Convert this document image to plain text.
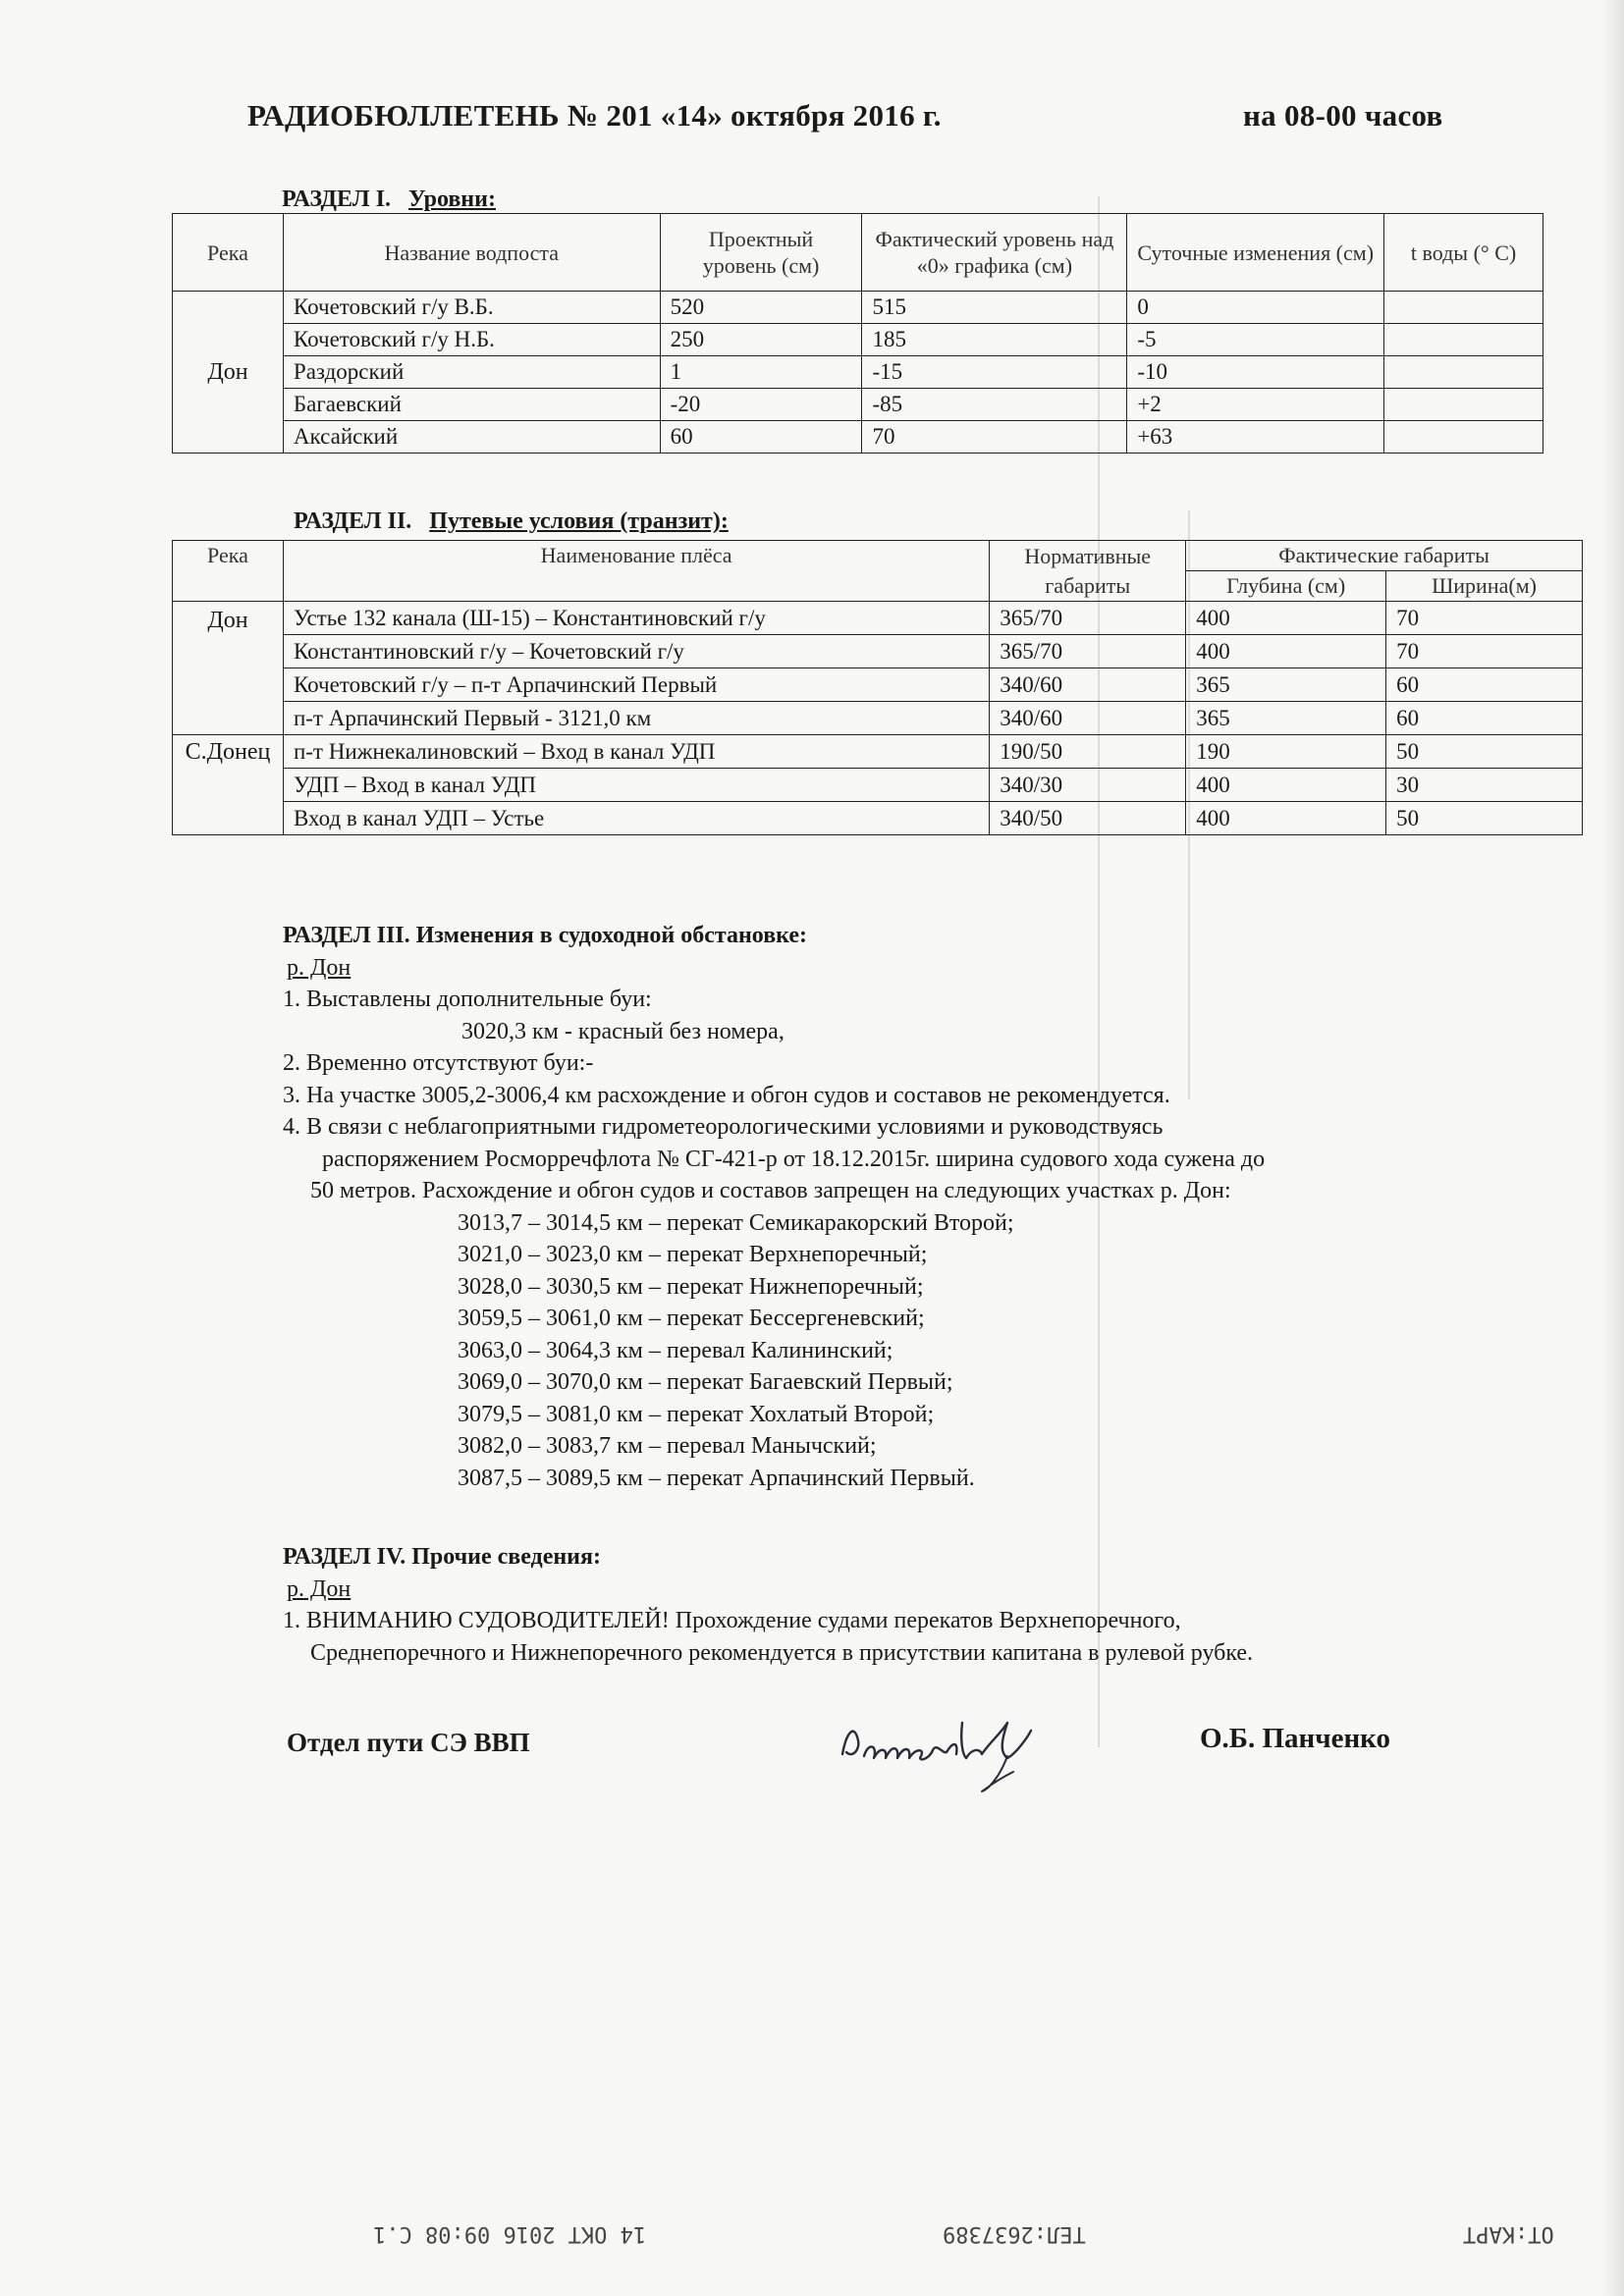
РАДИОБЮЛЛЕТЕНЬ № 201 «14» октября 2016 г.	на 08-00 часов
РАЗДЕЛ I. Уровни:
Река	Название водпоста	Проектный уровень (см)	Фактический уровень над «0» графика (см)	Суточные изменения (см)	t воды (° С)
Дон	Кочетовский г/у В.Б.	520	515	0	
	Кочетовский г/у Н.Б.	250	185	-5	
	Раздорский	1	-15	-10	
	Багаевский	-20	-85	+2	
	Аксайский	60	70	+63	
РАЗДЕЛ II. Путевые условия (транзит):
Река	Наименование плёса	Нормативные габариты	Фактические габариты	
			Глубина (см)	Ширина(м)
Дон	Устье 132 канала (Ш-15) – Константиновский г/у	365/70	400	70
	Константиновский г/у – Кочетовский г/у	365/70	400	70
	Кочетовский г/у – п-т Арпачинский Первый	340/60	365	60
	п-т Арпачинский Первый - 3121,0 км	340/60	365	60
С.Донец	п-т Нижнекалиновский – Вход в канал УДП	190/50	190	50
	УДП – Вход в канал УДП	340/30	400	30
	Вход в канал УДП – Устье	340/50	400	50
РАЗДЕЛ III. Изменения в судоходной обстановке:
р. Дон
1. Выставлены дополнительные буи:
3020,3 км - красный без номера,
2. Временно отсутствуют буи:-
3. На участке 3005,2-3006,4 км расхождение и обгон судов и составов не рекомендуется.
4. В связи с неблагоприятными гидрометеорологическими условиями и руководствуясь
распоряжением Росморречфлота № СГ-421-р от 18.12.2015г. ширина судового хода сужена до
50 метров. Расхождение и обгон судов и составов запрещен на следующих участках р. Дон:
3013,7 – 3014,5 км – перекат Семикаракорский Второй;
3021,0 – 3023,0 км – перекат Верхнепоречный;
3028,0 – 3030,5 км – перекат Нижнепоречный;
3059,5 – 3061,0 км – перекат Бессергеневский;
3063,0 – 3064,3 км – перевал Калининский;
3069,0 – 3070,0 км – перекат Багаевский Первый;
3079,5 – 3081,0 км – перекат Хохлатый Второй;
3082,0 – 3083,7 км – перевал Манычский;
3087,5 – 3089,5 км – перекат Арпачинский Первый.
РАЗДЕЛ IV. Прочие сведения:
р. Дон
1. ВНИМАНИЮ СУДОВОДИТЕЛЕЙ! Прохождение судами перекатов Верхнепоречного,
Среднепоречного и Нижнепоречного рекомендуется в присутствии капитана в рулевой рубке.
Отдел пути СЭ ВВП	О.Б. Панченко
14 ОКТ 2016 09:08 С.1	ТЕЛ:2637389	ОТ:КАРТ
